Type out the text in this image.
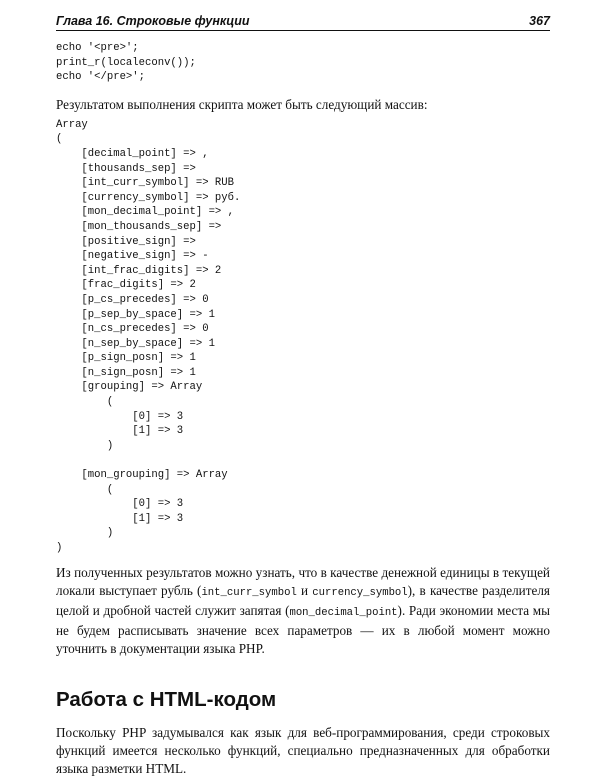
Глава 16. Строковые функции	367
echo '<pre>';
print_r(localeconv());
echo '</pre>';

Результатом выполнения скрипта может быть следующий массив:

Array
(
[decimal_point] => ,
[thousands_sep] =>
[int_curr_symbol] => RUB
[currency_symbol] => руб.
[mon_decimal_point] => ,
[mon_thousands_sep] =>
[positive_sign] =>
[negative_sign] => -
[int_frac_digits] => 2
[frac_digits] => 2
[p_cs_precedes] => 0
[p_sep_by_space] => 1
[n_cs_precedes] => 0
[n_sep_by_space] => 1
[p_sign_posn] => 1
[n_sign_posn] => 1
[grouping] => Array
(
[0] => 3
[1] => 3
)

[mon_grouping] => Array
(
[0] => 3
[1] => 3
)
)

Из полученных результатов можно узнать, что в качестве денежной единицы в текущей локали выступает рубль (int_curr_symbol и currency_symbol), в качестве разделителя целой и дробной частей служит запятая (mon_decimal_point). Ради экономии места мы не будем расписывать значение всех параметров — их в любой момент можно уточнить в документации языка PHP.

Работа с HTML-кодом

Поскольку PHP задумывался как язык для веб-программирования, среди строковых функций имеется несколько функций, специально предназначенных для обработки языка разметки HTML.
